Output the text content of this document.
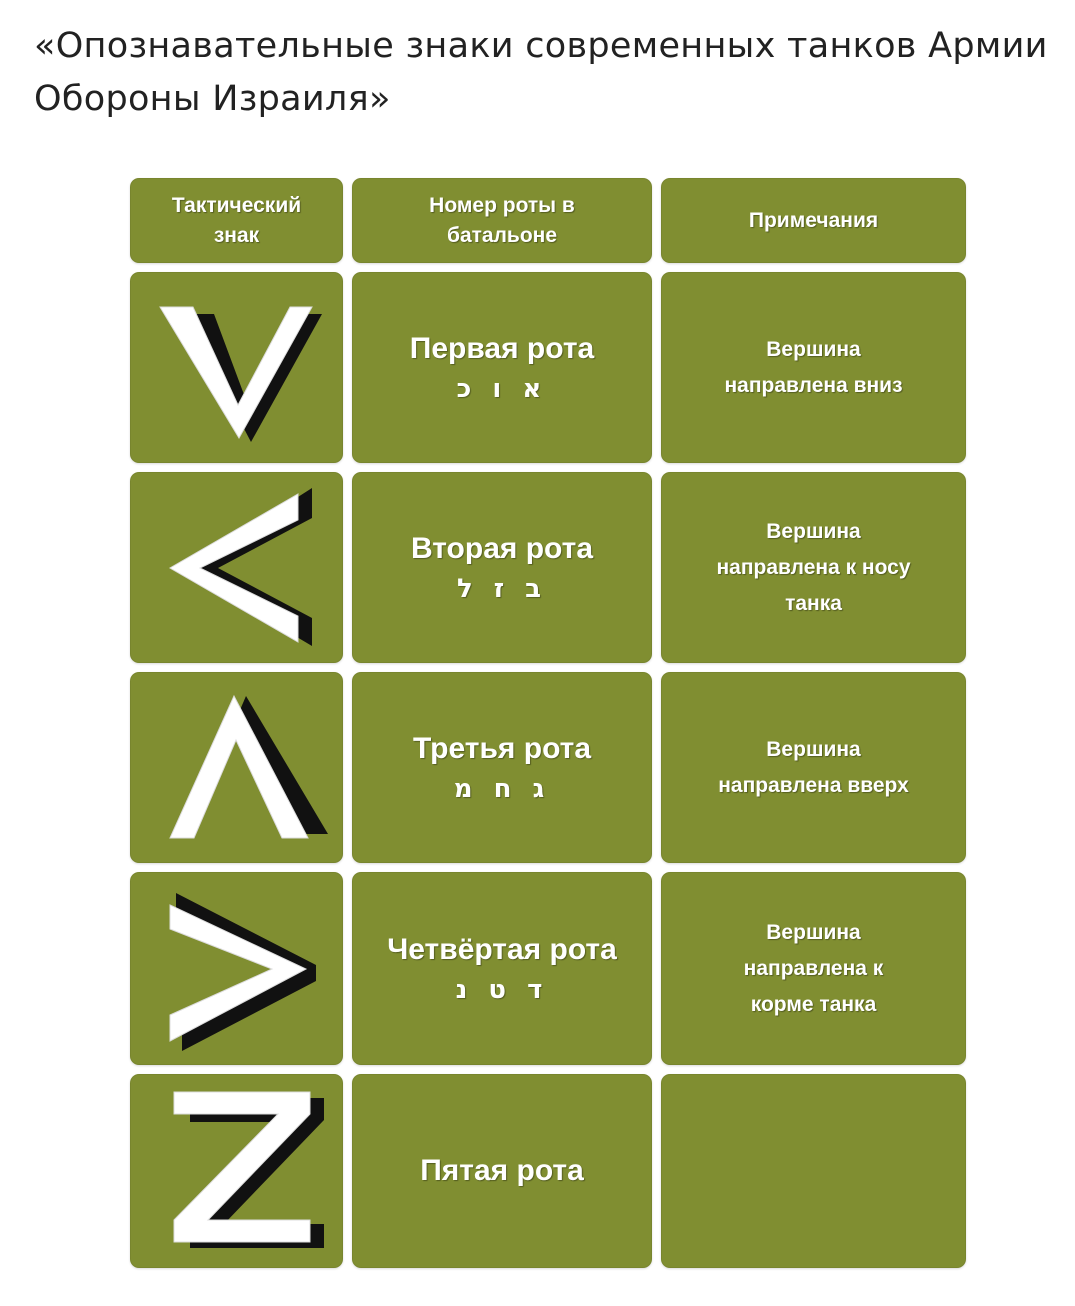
«Опознавательные знаки современных танков Армии Обороны Израиля»
Тактический
знак
Номер роты в
батальоне
Примечания
Первая рота
א ו כ
Вершина
направлена вниз
Вторая рота
ב ז ל
Вершина
направлена к носу
танка
Третья рота
ג ח מ
Вершина
направлена вверх
Четвёртая рота
ד ט נ
Вершина
направлена к
корме танка
Пятая рота
